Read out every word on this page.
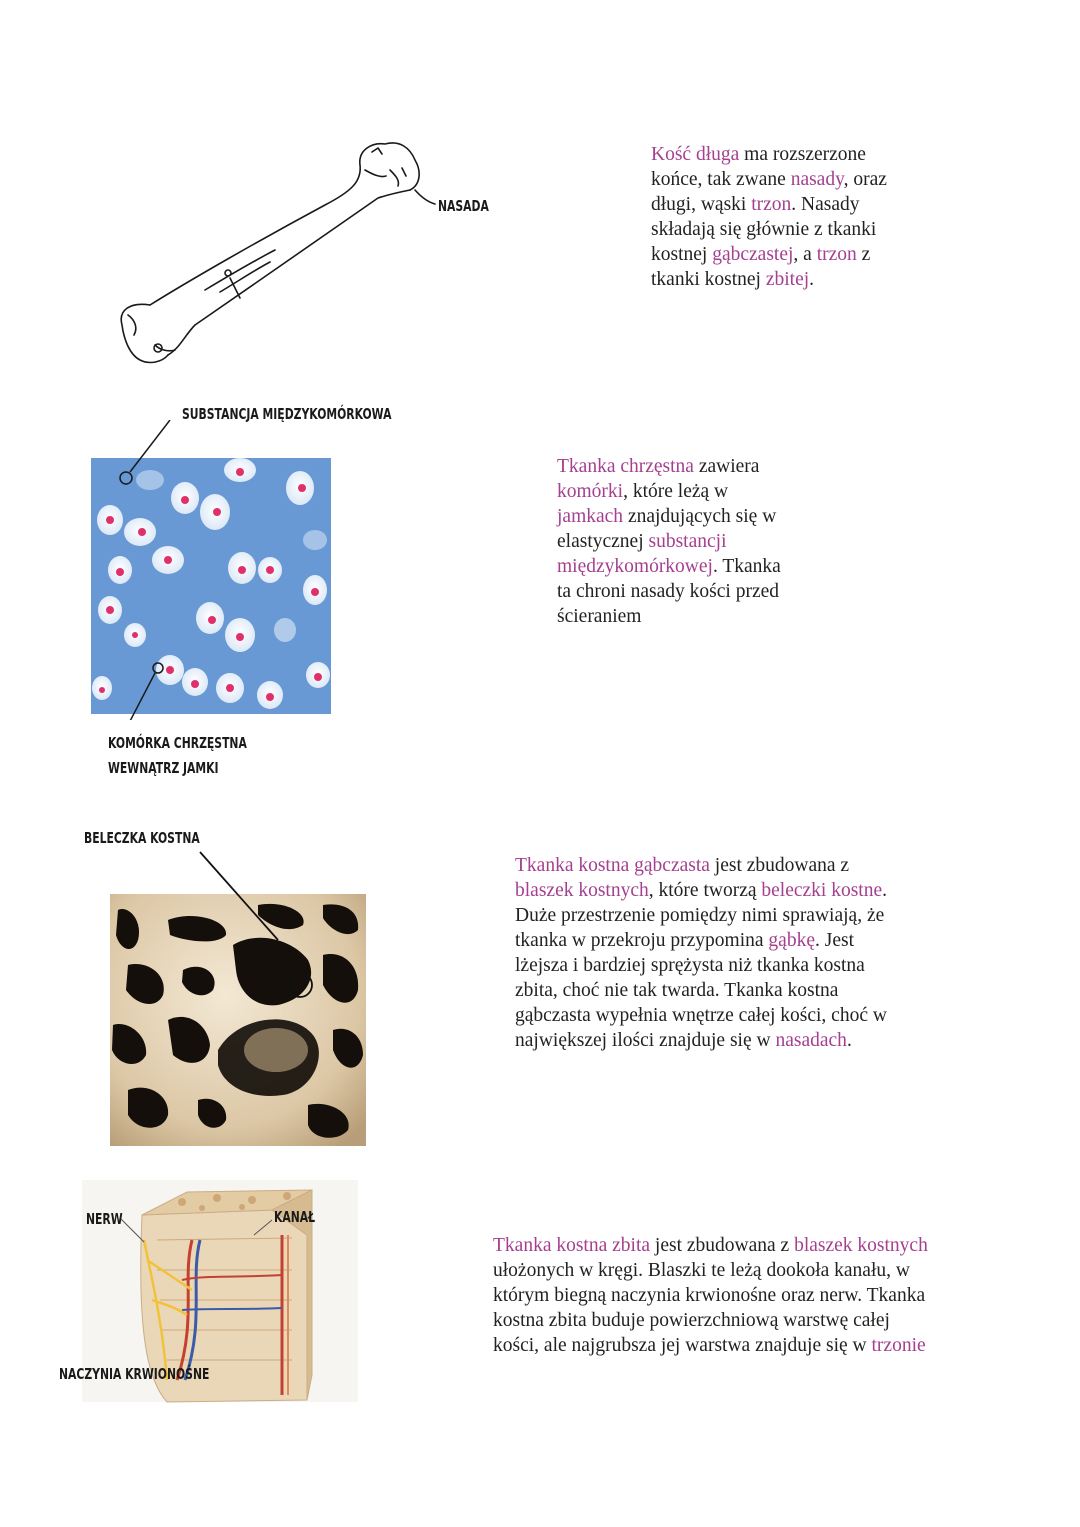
NASADA

Kość długa ma rozszerzone
końce, tak zwane nasady, oraz
długi, wąski trzon. Nasady
składają się głównie z tkanki
kostnej gąbczastej, a trzon z
tkanki kostnej zbitej.

SUBSTANCJA MIĘDZYKOMÓRKOWA
KOMÓRKA CHRZĘSTNA
WEWNĄTRZ JAMKI

Tkanka chrzęstna zawiera
komórki, które leżą w
jamkach znajdujących się w
elastycznej substancji
międzykomórkowej. Tkanka
ta chroni nasady kości przed
ścieraniem

BELECZKA KOSTNA

Tkanka kostna gąbczasta jest zbudowana z
blaszek kostnych, które tworzą beleczki kostne.
Duże przestrzenie pomiędzy nimi sprawiają, że
tkanka w przekroju przypomina gąbkę. Jest
lżejsza i bardziej sprężysta niż tkanka kostna
zbita, choć nie tak twarda. Tkanka kostna
gąbczasta wypełnia wnętrze całej kości, choć w
największej ilości znajduje się w nasadach.

NERW	KANAŁ
NACZYNIA KRWIONOŚNE

Tkanka kostna zbita jest zbudowana z blaszek kostnych
ułożonych w kręgi. Blaszki te leżą dookoła kanału, w
którym biegną naczynia krwionośne oraz nerw. Tkanka
kostna zbita buduje powierzchniową warstwę całej
kości, ale najgrubsza jej warstwa znajduje się w trzonie
